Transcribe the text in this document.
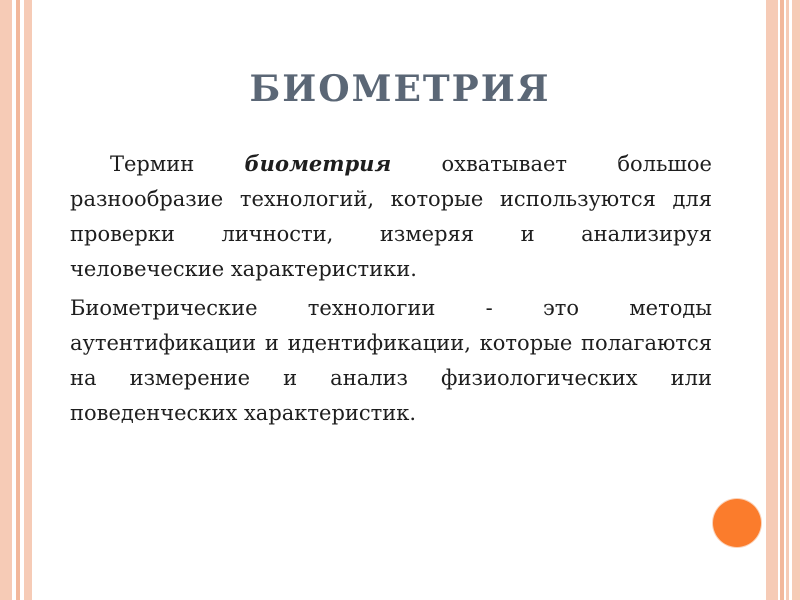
БИОМЕТРИЯ

Термин биометрия охватывает большое разнообразие технологий, которые используются для проверки личности, измеряя и анализируя человеческие характеристики.

Биометрические технологии - это методы аутентификации и идентификации, которые полагаются на измерение и анализ физиологических или поведенческих характеристик.
